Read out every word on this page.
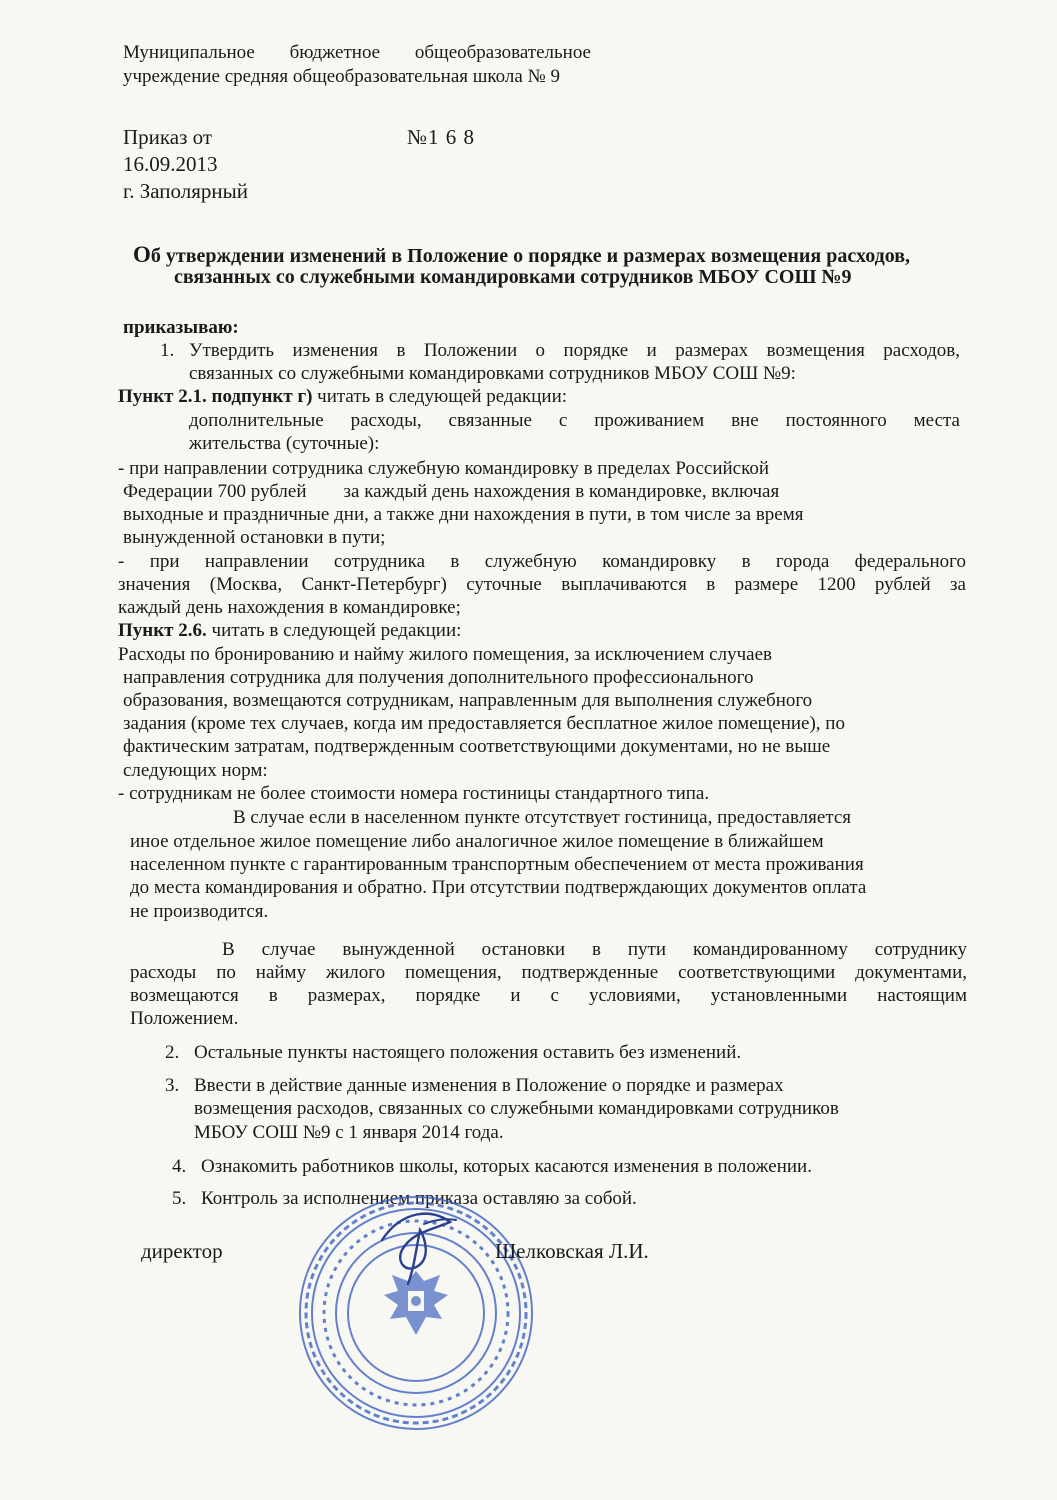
Муниципальное бюджетное общеобразовательное
учреждение средняя общеобразовательная школа № 9
Приказ от	№1 6 8
16.09.2013
г. Заполярный
Об утверждении изменений в Положение о порядке и размерах возмещения расходов,
связанных со служебными командировками сотрудников МБОУ СОШ №9
приказываю:
1. Утвердить изменения в Положении о порядке и размерах возмещения расходов,
связанных со служебными командировками сотрудников МБОУ СОШ №9:
Пункт 2.1. подпункт г) читать в следующей редакции:
дополнительные расходы, связанные с проживанием вне постоянного места
жительства (суточные):
- при направлении сотрудника служебную командировку в пределах Российской
Федерации 700 рублей за каждый день нахождения в командировке, включая
выходные и праздничные дни, а также дни нахождения в пути, в том числе за время
вынужденной остановки в пути;
- при направлении сотрудника в служебную командировку в города федерального
значения (Москва, Санкт-Петербург) суточные выплачиваются в размере 1200 рублей за
каждый день нахождения в командировке;
Пункт 2.6. читать в следующей редакции:
Расходы по бронированию и найму жилого помещения, за исключением случаев
направления сотрудника для получения дополнительного профессионального
образования, возмещаются сотрудникам, направленным для выполнения служебного
задания (кроме тех случаев, когда им предоставляется бесплатное жилое помещение), по
фактическим затратам, подтвержденным соответствующими документами, но не выше
следующих норм:
- сотрудникам не более стоимости номера гостиницы стандартного типа.
В случае если в населенном пункте отсутствует гостиница, предоставляется
иное отдельное жилое помещение либо аналогичное жилое помещение в ближайшем
населенном пункте с гарантированным транспортным обеспечением от места проживания
до места командирования и обратно. При отсутствии подтверждающих документов оплата
не производится.
В случае вынужденной остановки в пути командированному сотруднику
расходы по найму жилого помещения, подтвержденные соответствующими документами,
возмещаются в размерах, порядке и с условиями, установленными настоящим
Положением.
2. Остальные пункты настоящего положения оставить без изменений.
3. Ввести в действие данные изменения в Положение о порядке и размерах
возмещения расходов, связанных со служебными командировками сотрудников
МБОУ СОШ №9 с 1 января 2014 года.
4. Ознакомить работников школы, которых касаются изменения в положении.
5. Контроль за исполнением приказа оставляю за собой.
директор	Шелковская Л.И.
